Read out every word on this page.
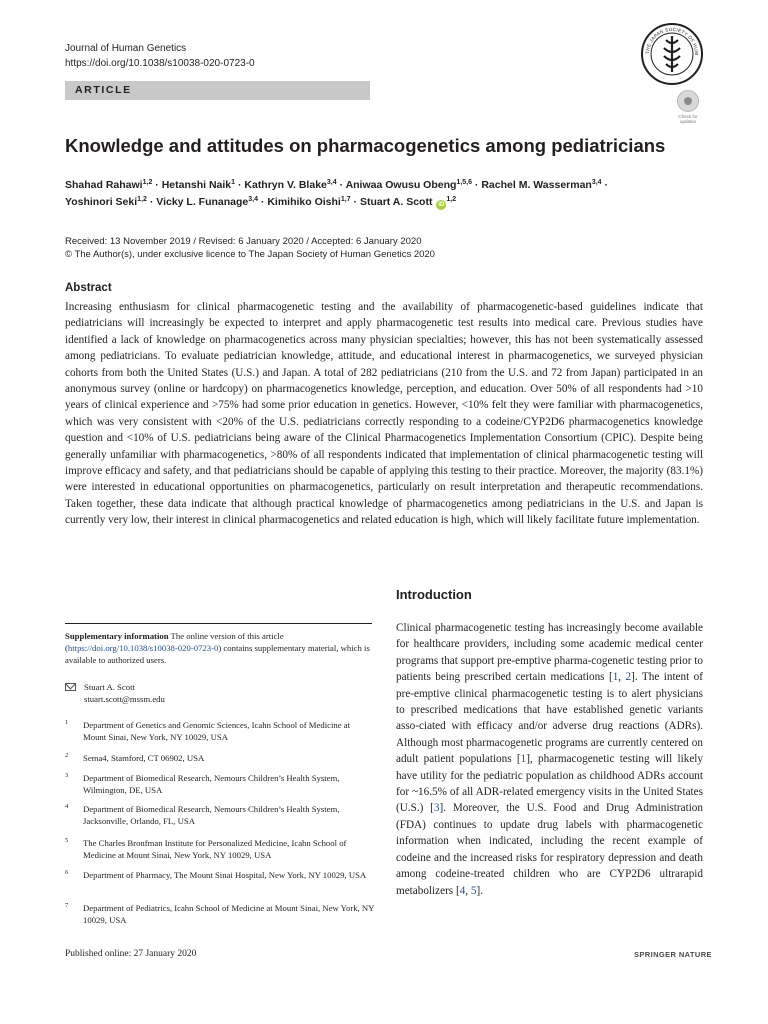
Journal of Human Genetics
https://doi.org/10.1038/s10038-020-0723-0
THE JAPAN SOCIETY OF HUM
ARTICLE
Check for updates
Knowledge and attitudes on pharmacogenetics among pediatricians
Shahad Rahawi$^{1,2}$ · Hetanshi Naik$^1$ · Kathryn V. Blake$^{3,4}$ · Aniwaa Owusu Obeng$^{1,5,6}$ · Rachel M. Wasserman$^{3,4}$ ·
Yoshinori Seki$^{1,2}$ · Vicky L. Funanage$^{3,4}$ · Kimihiko Oishi$^{1,7}$ · Stuart A. Scott iD$^{1,2}$
Received: 13 November 2019 / Revised: 6 January 2020 / Accepted: 6 January 2020
© The Author(s), under exclusive licence to The Japan Society of Human Genetics 2020
Abstract
Increasing enthusiasm for clinical pharmacogenetic testing and the availability of pharmacogenetic-based guidelines indicate that pediatricians will increasingly be expected to interpret and apply pharmacogenetic test results into medical care. Previous studies have identified a lack of knowledge on pharmacogenetics across many physician specialties; however, this has not been systematically assessed among pediatricians. To evaluate pediatrician knowledge, attitude, and educational interest in pharmacogenetics, we surveyed physician cohorts from both the United States (U.S.) and Japan. A total of 282 pediatricians (210 from the U.S. and 72 from Japan) participated in an anonymous survey (online or hardcopy) on pharmacogenetics knowledge, perception, and education. Over 50% of all respondents had >10 years of clinical experience and >75% had some prior education in genetics. However, <10% felt they were familiar with pharmacogenetics, which was very consistent with <20% of the U.S. pediatricians correctly responding to a codeine/CYP2D6 pharmacogenetics knowledge question and <10% of U.S. pediatricians being aware of the Clinical Pharmacogenetics Implementation Consortium (CPIC). Despite being generally unfamiliar with pharmacogenetics, >80% of all respondents indicated that implementation of clinical pharmacogenetic testing will improve efficacy and safety, and that pediatricians should be capable of applying this testing to their practice. Moreover, the majority (83.1%) were interested in educational opportunities on pharmacogenetics, particularly on result interpretation and therapeutic recommendations. Taken together, these data indicate that although practical knowledge of pharmacogenetics among pediatricians in the U.S. and Japan is currently very low, their interest in clinical pharmacogenetics and related education is high, which will likely facilitate future implementation.
Introduction
Clinical pharmacogenetic testing has increasingly become available for healthcare providers, including some academic medical center programs that support pre-emptive pharma-cogenetic testing prior to patients being prescribed certain medications [1, 2]. The intent of pre-emptive clinical pharmacogenetic testing is to alert physicians to prescribed medications that have established genetic variants asso-ciated with efficacy and/or adverse drug reactions (ADRs). Although most pharmacogenetic programs are currently centered on adult patient populations [1], pharmacogenetic testing will likely have utility for the pediatric population as childhood ADRs account for ~16.5% of all ADR-related emergency visits in the United States (U.S.) [3]. Moreover, the U.S. Food and Drug Administration (FDA) continues to update drug labels with pharmacogenetic information when indicated, including the recent example of codeine and the increased risks for respiratory depression and death among codeine-treated children who are CYP2D6 ultrarapid metabolizers [4, 5].
Supplementary information The online version of this article (https://doi.org/10.1038/s10038-020-0723-0) contains supplementary material, which is available to authorized users.
Stuart A. Scott
stuart.scott@mssm.edu
1 Department of Genetics and Genomic Sciences, Icahn School of Medicine at Mount Sinai, New York, NY 10029, USA
2 Sema4, Stamford, CT 06902, USA
3 Department of Biomedical Research, Nemours Children’s Health System, Wilmington, DE, USA
4 Department of Biomedical Research, Nemours Children’s Health System, Jacksonville, Orlando, FL, USA
5 The Charles Bronfman Institute for Personalized Medicine, Icahn School of Medicine at Mount Sinai, New York, NY 10029, USA
6 Department of Pharmacy, The Mount Sinai Hospital, New York, NY 10029, USA
7 Department of Pediatrics, Icahn School of Medicine at Mount Sinai, New York, NY 10029, USA
Published online: 27 January 2020	SPRINGER NATURE
